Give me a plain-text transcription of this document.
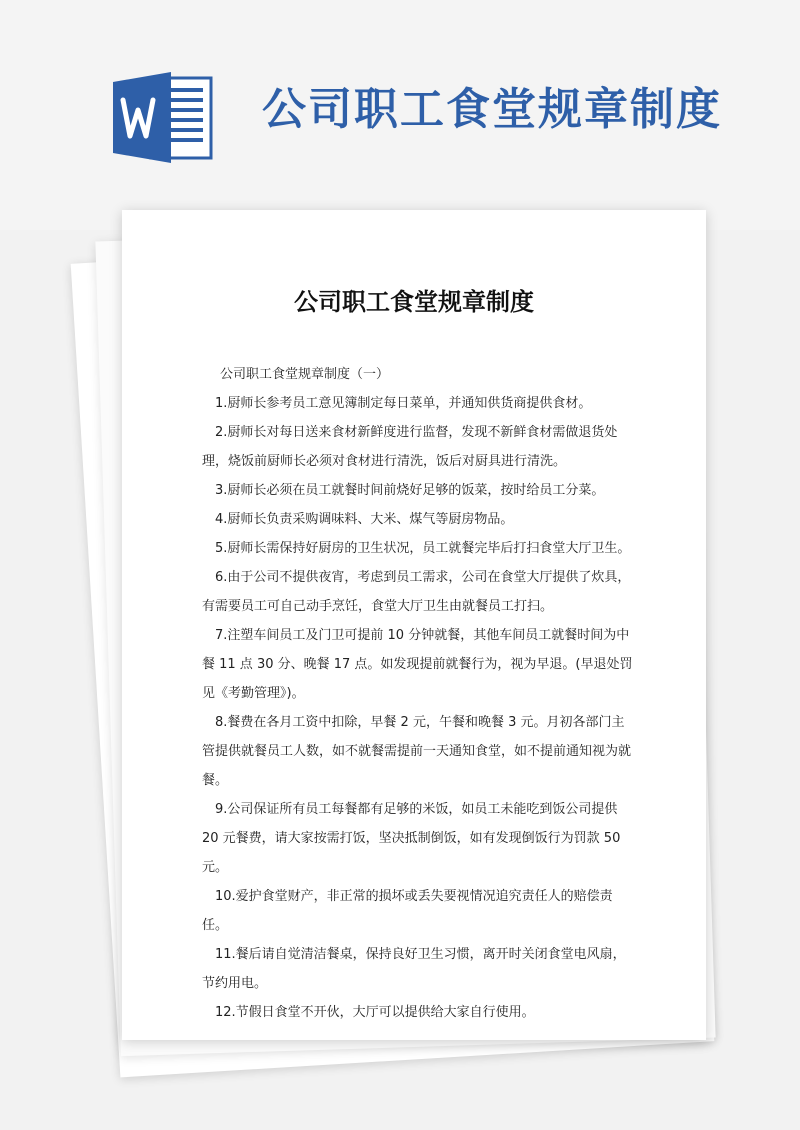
公司职工食堂规章制度
公司职工食堂规章制度

公司职工食堂规章制度（一）

1.厨师长参考员工意见簿制定每日菜单，并通知供货商提供食材。

2.厨师长对每日送来食材新鲜度进行监督，发现不新鲜食材需做退货处理，烧饭前厨师长必须对食材进行清洗，饭后对厨具进行清洗。

3.厨师长必须在员工就餐时间前烧好足够的饭菜，按时给员工分菜。

4.厨师长负责采购调味料、大米、煤气等厨房物品。

5.厨师长需保持好厨房的卫生状况，员工就餐完毕后打扫食堂大厅卫生。

6.由于公司不提供夜宵，考虑到员工需求，公司在食堂大厅提供了炊具，有需要员工可自己动手烹饪，食堂大厅卫生由就餐员工打扫。

7.注塑车间员工及门卫可提前 10 分钟就餐，其他车间员工就餐时间为中餐 11 点 30 分、晚餐 17 点。如发现提前就餐行为，视为早退。(早退处罚见《考勤管理》)。

8.餐费在各月工资中扣除，早餐 2 元，午餐和晚餐 3 元。月初各部门主管提供就餐员工人数，如不就餐需提前一天通知食堂，如不提前通知视为就餐。

9.公司保证所有员工每餐都有足够的米饭，如员工未能吃到饭公司提供 20 元餐费，请大家按需打饭，坚决抵制倒饭，如有发现倒饭行为罚款 50 元。

10.爱护食堂财产，非正常的损坏或丢失要视情况追究责任人的赔偿责任。

11.餐后请自觉清洁餐桌，保持良好卫生习惯，离开时关闭食堂电风扇，节约用电。

12.节假日食堂不开伙，大厅可以提供给大家自行使用。
